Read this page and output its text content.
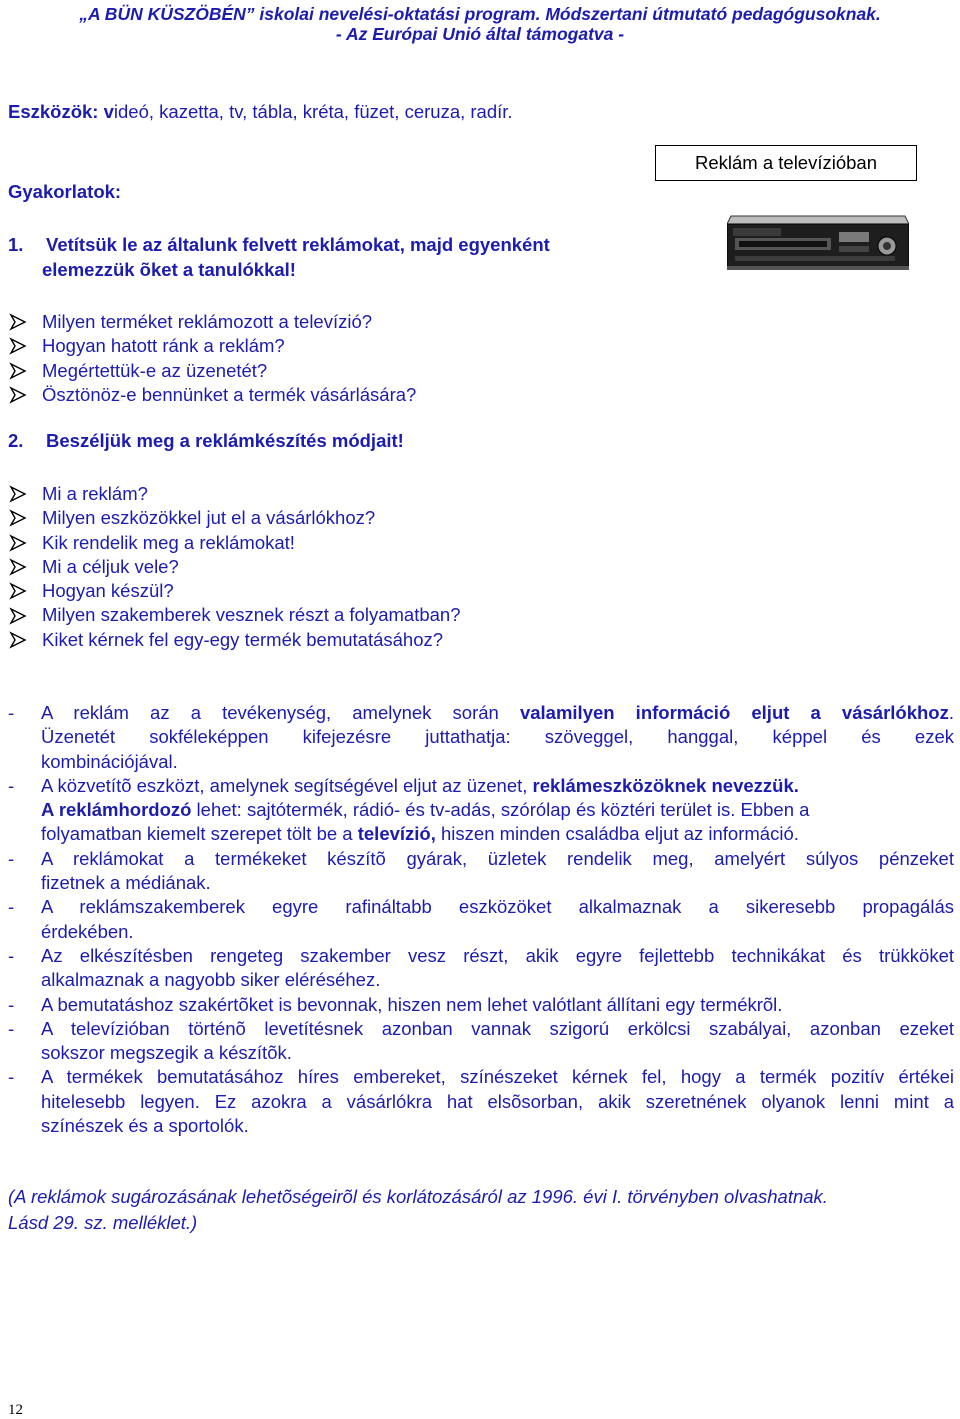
„A BÜN KÜSZÖBÉN” iskolai nevelési-oktatási program. Módszertani útmutató pedagógusoknak.
- Az Európai Unió által támogatva -
Eszközök: videó, kazetta, tv, tábla, kréta, füzet, ceruza, radír.
Reklám a televízióban
Gyakorlatok:
1. Vetítsük le az általunk felvett reklámokat, majd egyenként
elemezzük õket a tanulókkal!
Milyen terméket reklámozott a televízió?
Hogyan hatott ránk a reklám?
Megértettük-e az üzenetét?
Ösztönöz-e bennünket a termék vásárlására?
2. Beszéljük meg a reklámkészítés módjait!
Mi a reklám?
Milyen eszközökkel jut el a vásárlókhoz?
Kik rendelik meg a reklámokat!
Mi a céljuk vele?
Hogyan készül?
Milyen szakemberek vesznek részt a folyamatban?
Kiket kérnek fel egy-egy termék bemutatásához?
-	A reklám az a tevékenység, amelynek során valamilyen információ eljut a vásárlókhoz.
Üzenetét sokféleképpen kifejezésre juttathatja: szöveggel, hanggal, képpel és ezek
kombinációjával.
-	A közvetítõ eszközt, amelynek segítségével eljut az üzenet, reklámeszközöknek nevezzük.
A reklámhordozó lehet: sajtótermék, rádió- és tv-adás, szórólap és köztéri terület is. Ebben a
folyamatban kiemelt szerepet tölt be a televízió, hiszen minden családba eljut az információ.
-	A reklámokat a termékeket készítõ gyárak, üzletek rendelik meg, amelyért súlyos pénzeket
fizetnek a médiának.
-	A reklámszakemberek egyre rafináltabb eszközöket alkalmaznak a sikeresebb propagálás
érdekében.
-	Az elkészítésben rengeteg szakember vesz részt, akik egyre fejlettebb technikákat és trükköket
alkalmaznak a nagyobb siker eléréséhez.
-	A bemutatáshoz szakértõket is bevonnak, hiszen nem lehet valótlant állítani egy termékrõl.
-	A televízióban történõ levetítésnek azonban vannak szigorú erkölcsi szabályai, azonban ezeket
sokszor megszegik a készítõk.
-	A termékek bemutatásához híres embereket, színészeket kérnek fel, hogy a termék pozitív értékei
hitelesebb legyen. Ez azokra a vásárlókra hat elsõsorban, akik szeretnének olyanok lenni mint a
színészek és a sportolók.
(A reklámok sugározásának lehetõségeirõl és korlátozásáról az 1996. évi I. törvényben olvashatnak.
Lásd 29. sz. melléklet.)
12
